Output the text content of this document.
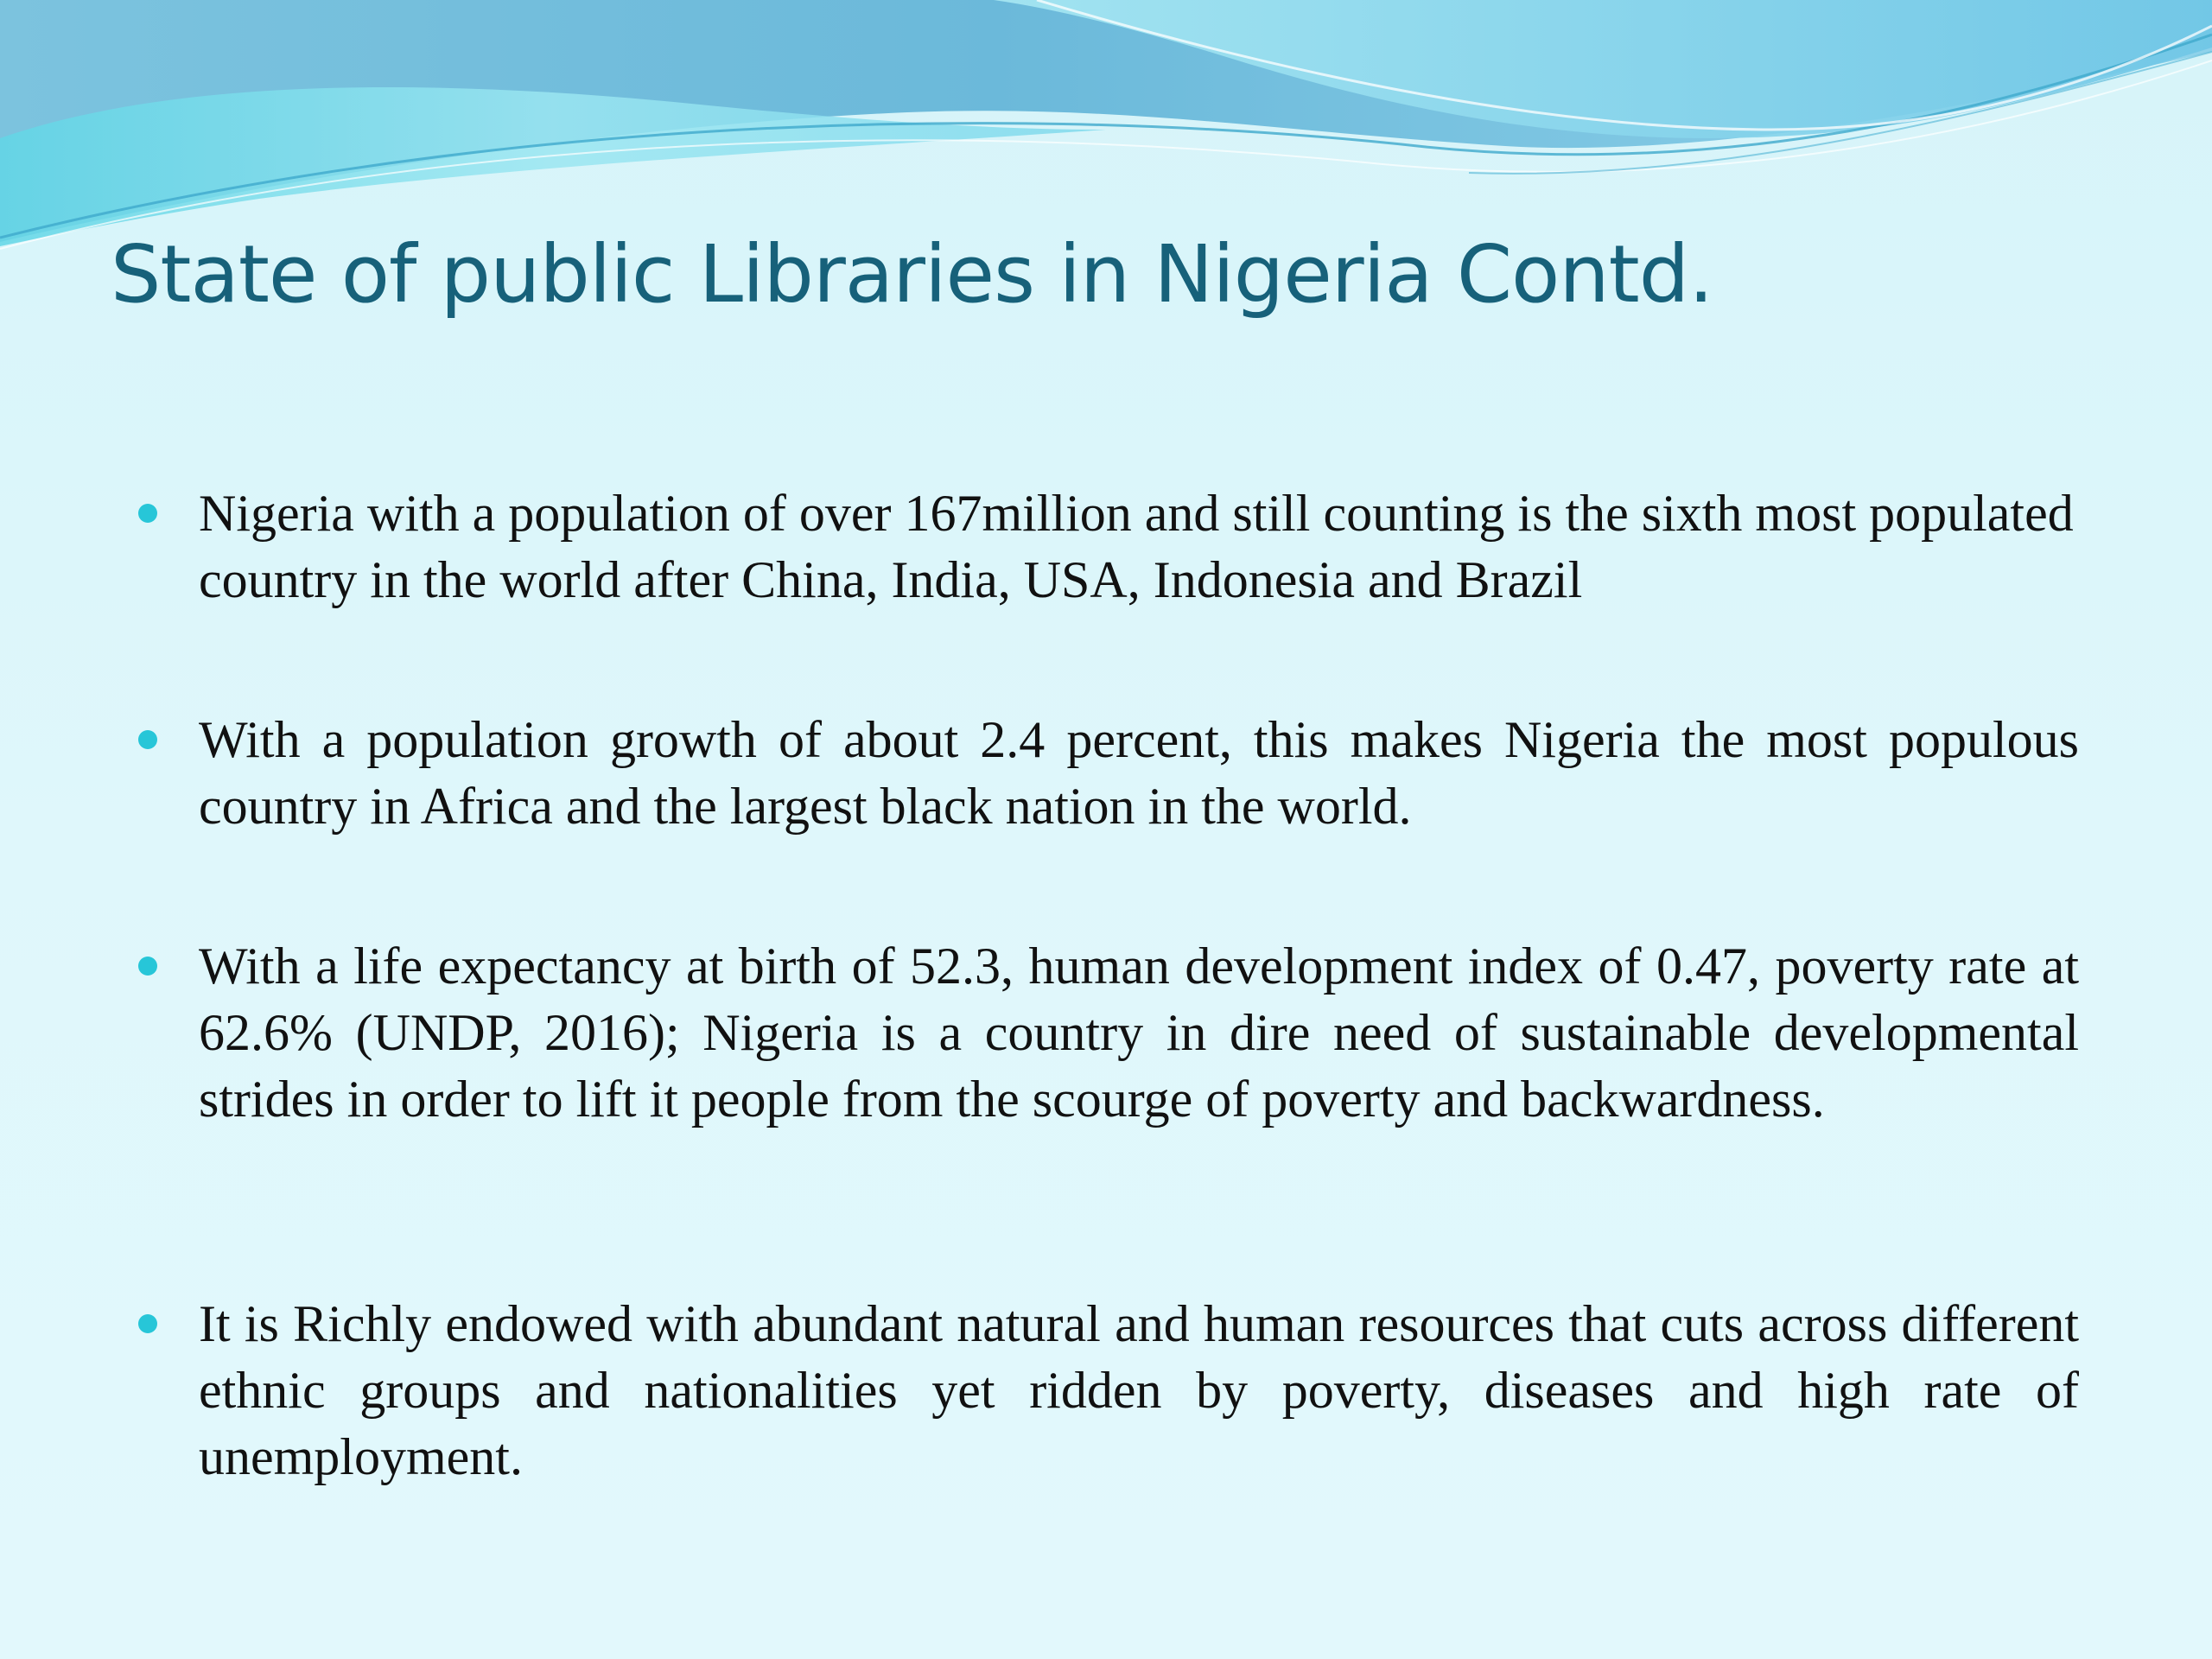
State of public Libraries in Nigeria Contd.
Nigeria with a population of over 167million and still counting is the sixth most populated country in the world after China, India, USA, Indonesia and Brazil
With a population growth of about 2.4 percent, this makes Nigeria the most populous country in Africa and the largest black nation in the world.
With a life expectancy at birth of 52.3, human development index of 0.47, poverty rate at 62.6% (UNDP, 2016); Nigeria is a country in dire need of sustainable developmental strides in order to lift it people from the scourge of poverty and backwardness.
It is Richly endowed with abundant natural and human resources that cuts across different ethnic groups and nationalities yet ridden by poverty, diseases and high rate of unemployment.
